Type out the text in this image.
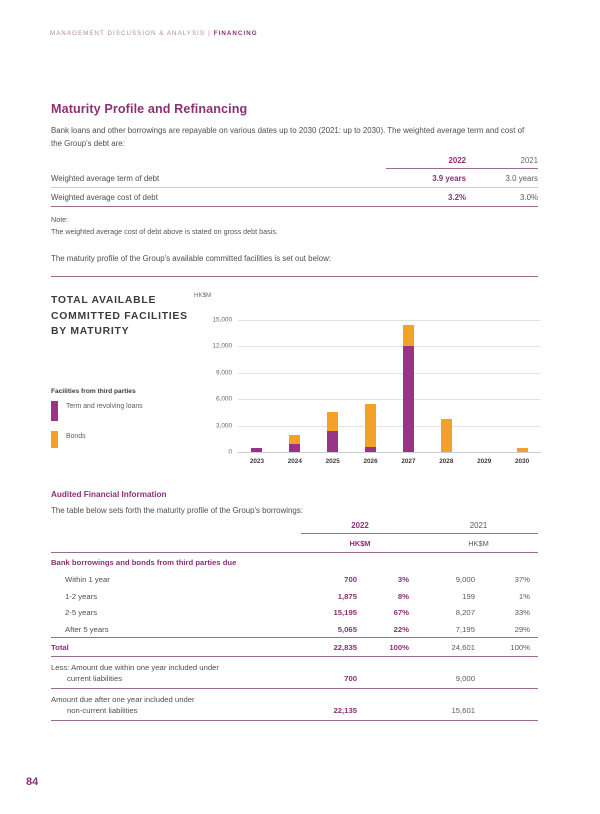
MANAGEMENT DISCUSSION & ANALYSIS | FINANCING
Maturity Profile and Refinancing
Bank loans and other borrowings are repayable on various dates up to 2030 (2021: up to 2030). The weighted average term and cost of the Group's debt are:
	2022	2021
Weighted average term of debt	3.9 years	3.0 years
Weighted average cost of debt	3.2%	3.0%
Note:
The weighted average cost of debt above is stated on gross debt basis.
The maturity profile of the Group's available committed facilities is set out below:
TOTAL AVAILABLE COMMITTED FACILITIES BY MATURITY
Facilities from third parties
Term and revolving loans
Bonds
HK$M
0
3,000
6,000
9,000
12,000
15,000
2023	2024	2025	2026	2027	2028	2029	2030
Audited Financial Information
The table below sets forth the maturity profile of the Group's borrowings:
	2022		2021	
	HK$M		HK$M	
Bank borrowings and bonds from third parties due				
Within 1 year	700	3%	9,000	37%
1-2 years	1,875	8%	199	1%
2-5 years	15,195	67%	8,207	33%
After 5 years	5,065	22%	7,195	29%
Total	22,835	100%	24,601	100%
Less: Amount due within one year included under
current liabilities	700		9,000	
Amount due after one year included under
non-current liabilities	22,135		15,601	
84
